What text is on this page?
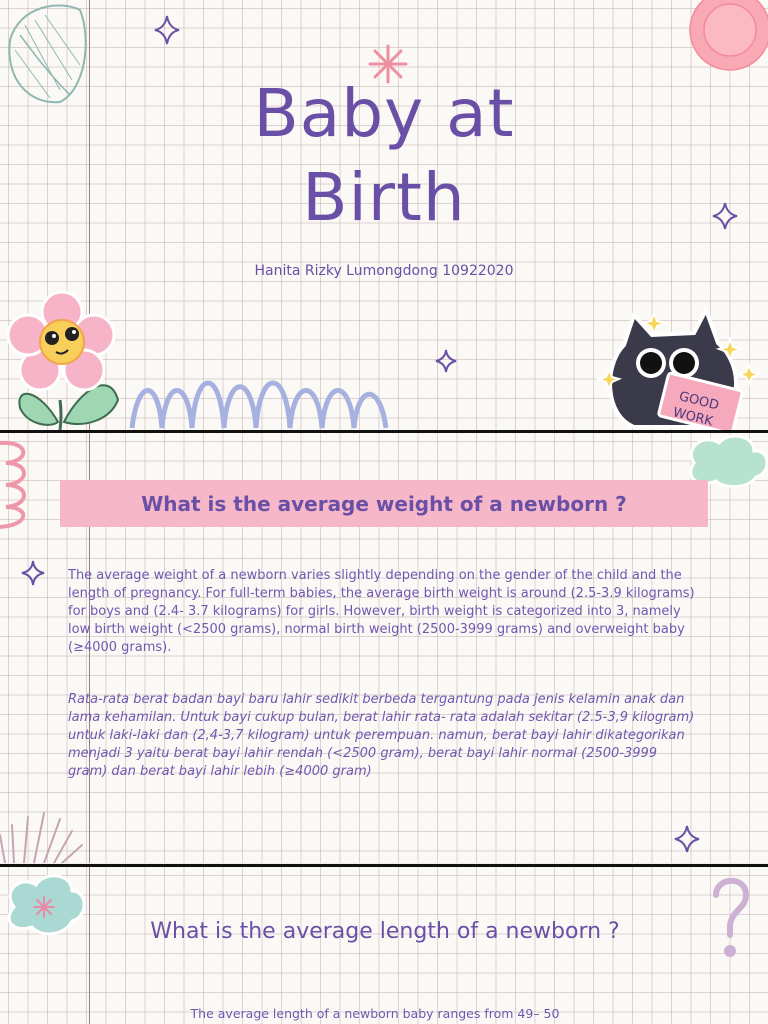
Baby at
Birth
Hanita Rizky Lumongdong 10922020
GOOD
WORK
What is the average weight of a newborn ?

The average weight of a newborn varies slightly depending on the gender of the child and the length of pregnancy. For full-term babies, the average birth weight is around (2.5-3.9 kilograms) for boys and (2.4- 3.7 kilograms) for girls. However, birth weight is categorized into 3, namely low birth weight (<2500 grams), normal birth weight (2500-3999 grams) and overweight baby (≥4000 grams).

Rata-rata berat badan bayi baru lahir sedikit berbeda tergantung pada jenis kelamin anak dan lama kehamilan. Untuk bayi cukup bulan, berat lahir rata- rata adalah sekitar (2.5-3,9 kilogram) untuk laki-laki dan (2,4-3,7 kilogram) untuk perempuan. namun, berat bayi lahir dikategorikan menjadi 3 yaitu berat bayi lahir rendah (<2500 gram), berat bayi lahir normal (2500-3999 gram) dan berat bayi lahir lebih (≥4000 gram)

What is the average length of a newborn ?
The average length of a newborn baby ranges from 49– 50
